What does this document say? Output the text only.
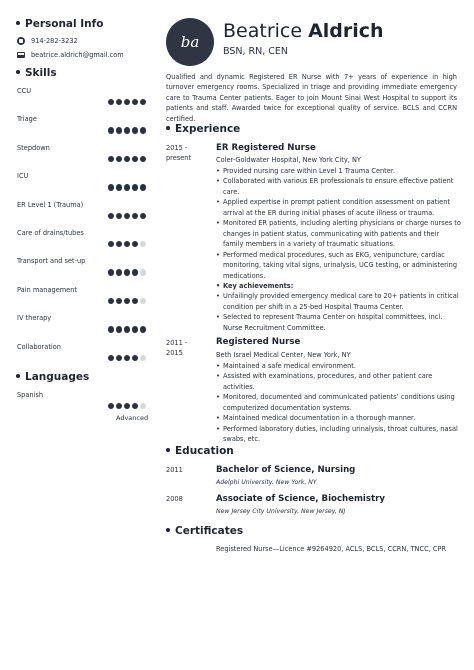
Personal Info
914-282-3232
beatrice.aldrich@gmail.com
Skills
CCU
Triage
Stepdown
ICU
ER Level 1 (Trauma)
Care of drains/tubes
Transport and set-up
Pain management
IV therapy
Collaboration
Languages
Spanish
Advanced
ba Beatrice Aldrich
BSN, RN, CEN
Qualified and dynamic Registered ER Nurse with 7+ years of experience in high turnover emergency rooms. Specialized in triage and providing immediate emergency care to Trauma Center patients. Eager to join Mount Sinai West Hospital to support its patients and staff. Awarded twice for exceptional quality of service. BCLS and CCRN certified.
Experience
2015 -
present
ER Registered Nurse
Coler-Goldwater Hospital, New York City, NY
• Provided nursing care within Level 1 Trauma Center.
• Collaborated with various ER professionals to ensure effective patient care.
• Applied expertise in prompt patient condition assessment on patient arrival at the ER during initial phases of acute illness or trauma.
• Monitored ER patients, including alerting physicians or charge nurses to changes in patient status, communicating with patients and their family members in a variety of traumatic situations.
• Performed medical procedures, such as EKG, venipuncture, cardiac monitoring, taking vital signs, urinalysis, UCG testing, or administering medications.
• Key achievements:
• Unfailingly provided emergency medical care to 20+ patients in critical condition per shift in a 25-bed Hospital Trauma Center.
• Selected to represent Trauma Center on hospital committees, incl. Nurse Recruitment Committee.
2011 -
2015
Registered Nurse
Beth Israel Medical Center, New York, NY
• Maintained a safe medical environment.
• Assisted with examinations, procedures, and other patient care activities.
• Monitored, documented and communicated patients’ conditions using computerized documentation systems.
• Maintained medical documentation in a thorough manner.
• Performed laboratory duties, including urinalysis, throat cultures, nasal swabs, etc.
Education
2011	Bachelor of Science, Nursing
Adelphi University, New York, NY
2008	Associate of Science, Biochemistry
New Jersey City University, New Jersey, NJ
Certificates
Registered Nurse—Licence #9264920, ACLS, BCLS, CCRN, TNCC, CPR
